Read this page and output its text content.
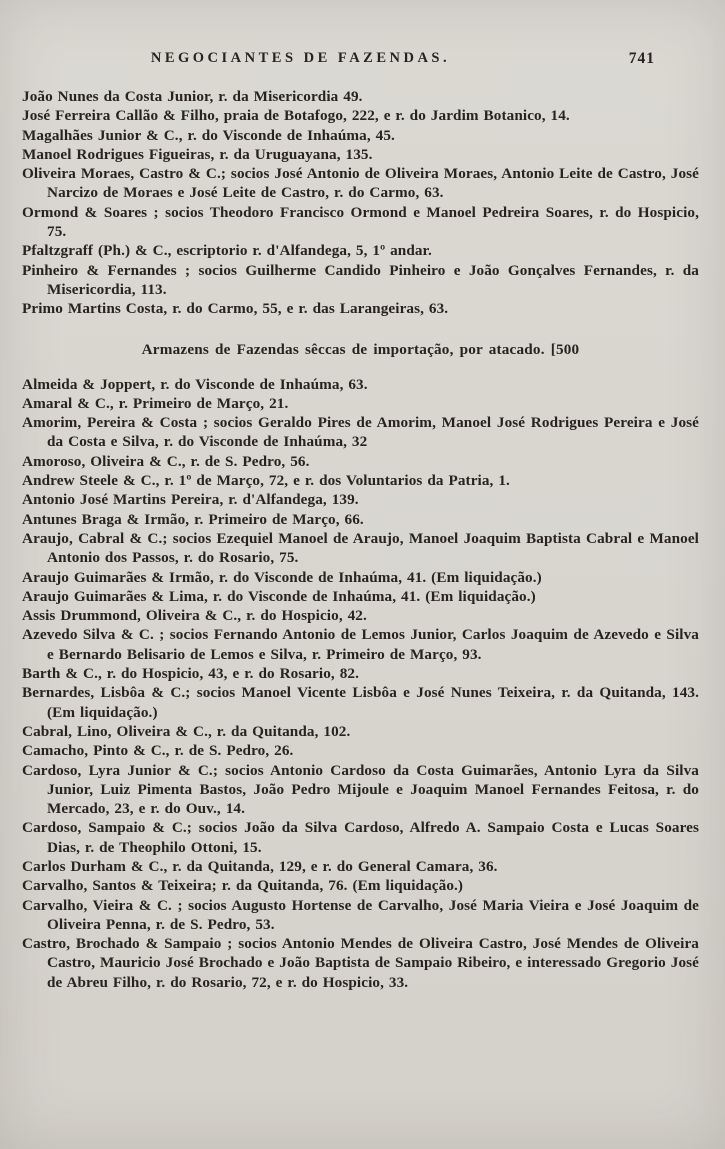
NEGOCIANTES DE FAZENDAS.	741

João Nunes da Costa Junior, r. da Misericordia 49.

José Ferreira Callão & Filho, praia de Botafogo, 222, e r. do Jardim Botanico, 14.

Magalhães Junior & C., r. do Visconde de Inhaúma, 45.

Manoel Rodrigues Figueiras, r. da Uruguayana, 135.

Oliveira Moraes, Castro & C.; socios José Antonio de Oliveira Moraes, Antonio Leite de Castro, José Narcizo de Moraes e José Leite de Castro, r. do Carmo, 63.

Ormond & Soares ; socios Theodoro Francisco Ormond e Manoel Pedreira Soares, r. do Hospicio, 75.

Pfaltzgraff (Ph.) & C., escriptorio r. d'Alfandega, 5, 1º andar.

Pinheiro & Fernandes ; socios Guilherme Candido Pinheiro e João Gonçalves Fernandes, r. da Misericordia, 113.

Primo Martins Costa, r. do Carmo, 55, e r. das Larangeiras, 63.

Armazens de Fazendas sêccas de importação, por atacado. [500

Almeida & Joppert, r. do Visconde de Inhaúma, 63.

Amaral & C., r. Primeiro de Março, 21.

Amorim, Pereira & Costa ; socios Geraldo Pires de Amorim, Manoel José Rodrigues Pereira e José da Costa e Silva, r. do Visconde de Inhaúma, 32

Amoroso, Oliveira & C., r. de S. Pedro, 56.

Andrew Steele & C., r. 1º de Março, 72, e r. dos Voluntarios da Patria, 1.

Antonio José Martins Pereira, r. d'Alfandega, 139.

Antunes Braga & Irmão, r. Primeiro de Março, 66.

Araujo, Cabral & C.; socios Ezequiel Manoel de Araujo, Manoel Joaquim Baptista Cabral e Manoel Antonio dos Passos, r. do Rosario, 75.

Araujo Guimarães & Irmão, r. do Visconde de Inhaúma, 41. (Em liquidação.)

Araujo Guimarães & Lima, r. do Visconde de Inhaúma, 41. (Em liquidação.)

Assis Drummond, Oliveira & C., r. do Hospicio, 42.

Azevedo Silva & C. ; socios Fernando Antonio de Lemos Junior, Carlos Joaquim de Azevedo e Silva e Bernardo Belisario de Lemos e Silva, r. Primeiro de Março, 93.

Barth & C., r. do Hospicio, 43, e r. do Rosario, 82.

Bernardes, Lisbôa & C.; socios Manoel Vicente Lisbôa e José Nunes Teixeira, r. da Quitanda, 143. (Em liquidação.)

Cabral, Lino, Oliveira & C., r. da Quitanda, 102.

Camacho, Pinto & C., r. de S. Pedro, 26.

Cardoso, Lyra Junior & C.; socios Antonio Cardoso da Costa Guimarães, Antonio Lyra da Silva Junior, Luiz Pimenta Bastos, João Pedro Mijoule e Joaquim Manoel Fernandes Feitosa, r. do Mercado, 23, e r. do Ouv., 14.

Cardoso, Sampaio & C.; socios João da Silva Cardoso, Alfredo A. Sampaio Costa e Lucas Soares Dias, r. de Theophilo Ottoni, 15.

Carlos Durham & C., r. da Quitanda, 129, e r. do General Camara, 36.

Carvalho, Santos & Teixeira; r. da Quitanda, 76. (Em liquidação.)

Carvalho, Vieira & C. ; socios Augusto Hortense de Carvalho, José Maria Vieira e José Joaquim de Oliveira Penna, r. de S. Pedro, 53.

Castro, Brochado & Sampaio ; socios Antonio Mendes de Oliveira Castro, José Mendes de Oliveira Castro, Mauricio José Brochado e João Baptista de Sampaio Ribeiro, e interessado Gregorio José de Abreu Filho, r. do Rosario, 72, e r. do Hospicio, 33.
